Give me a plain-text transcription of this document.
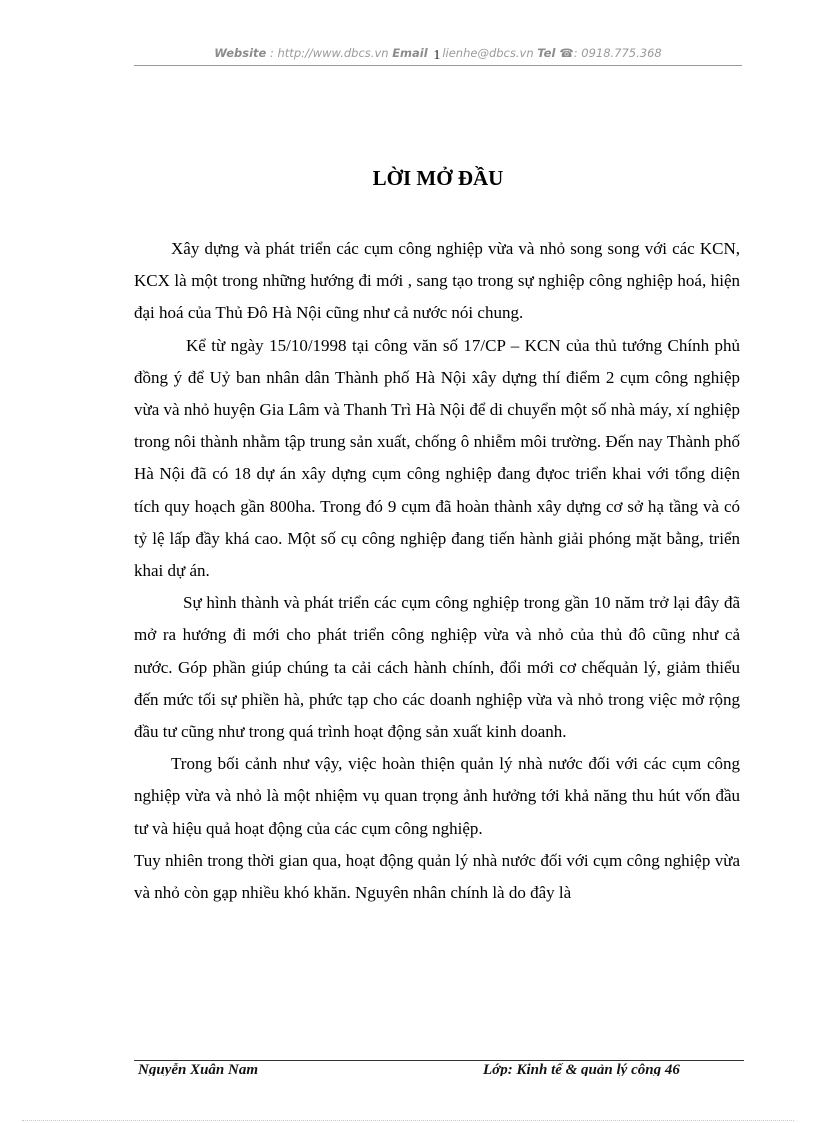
Website : http://www.dbcs.vn Email 1 lienhe@dbcs.vn Tel ☎: 0918.775.368
LỜI MỞ ĐẦU

Xây dựng và phát triển các cụm công nghiệp vừa và nhỏ song song với các KCN, KCX là một trong những hướng đi mới , sang tạo trong sự nghiệp công nghiệp hoá, hiện đại hoá của Thủ Đô Hà Nội cũng như cả nước nói chung.

Kể từ ngày 15/10/1998 tại công văn số 17/CP – KCN của thủ tướng Chính phủ đồng ý để Uỷ ban nhân dân Thành phố Hà Nội xây dựng thí điểm 2 cụm công nghiệp vừa và nhỏ huyện Gia Lâm và Thanh Trì Hà Nội để di chuyển một số nhà máy, xí nghiệp trong nôi thành nhằm tập trung sản xuất, chống ô nhiễm môi trường. Đến nay Thành phố Hà Nội đã có 18 dự án xây dựng cụm công nghiệp đang đựoc triển khai với tổng diện tích quy hoạch gần 800ha. Trong đó 9 cụm đã hoàn thành xây dựng cơ sở hạ tầng và có tỷ lệ lấp đầy khá cao. Một số cụ công nghiệp đang tiến hành giải phóng mặt bằng, triển khai dự án.

Sự hình thành và phát triển các cụm công nghiệp trong gần 10 năm trở lại đây đã mở ra hướng đi mới cho phát triển công nghiệp vừa và nhỏ của thủ đô cũng như cả nước. Góp phần giúp chúng ta cải cách hành chính, đổi mới cơ chếquản lý, giảm thiểu đến mức tối sự phiền hà, phức tạp cho các doanh nghiệp vừa và nhỏ trong việc mở rộng đầu tư cũng như trong quá trình hoạt động sản xuất kinh doanh.

Trong bối cảnh như vậy, việc hoàn thiện quản lý nhà nước đối với các cụm công nghiệp vừa và nhỏ là một nhiệm vụ quan trọng ảnh hưởng tới khả năng thu hút vốn đầu tư và hiệu quả hoạt động của các cụm công nghiệp.

Tuy nhiên trong thời gian qua, hoạt động quản lý nhà nước đối với cụm công nghiệp vừa và nhỏ còn gạp nhiều khó khăn. Nguyên nhân chính là do đây là

Nguyễn Xuân Nam	Lớp: Kinh tế & quản lý công 46
